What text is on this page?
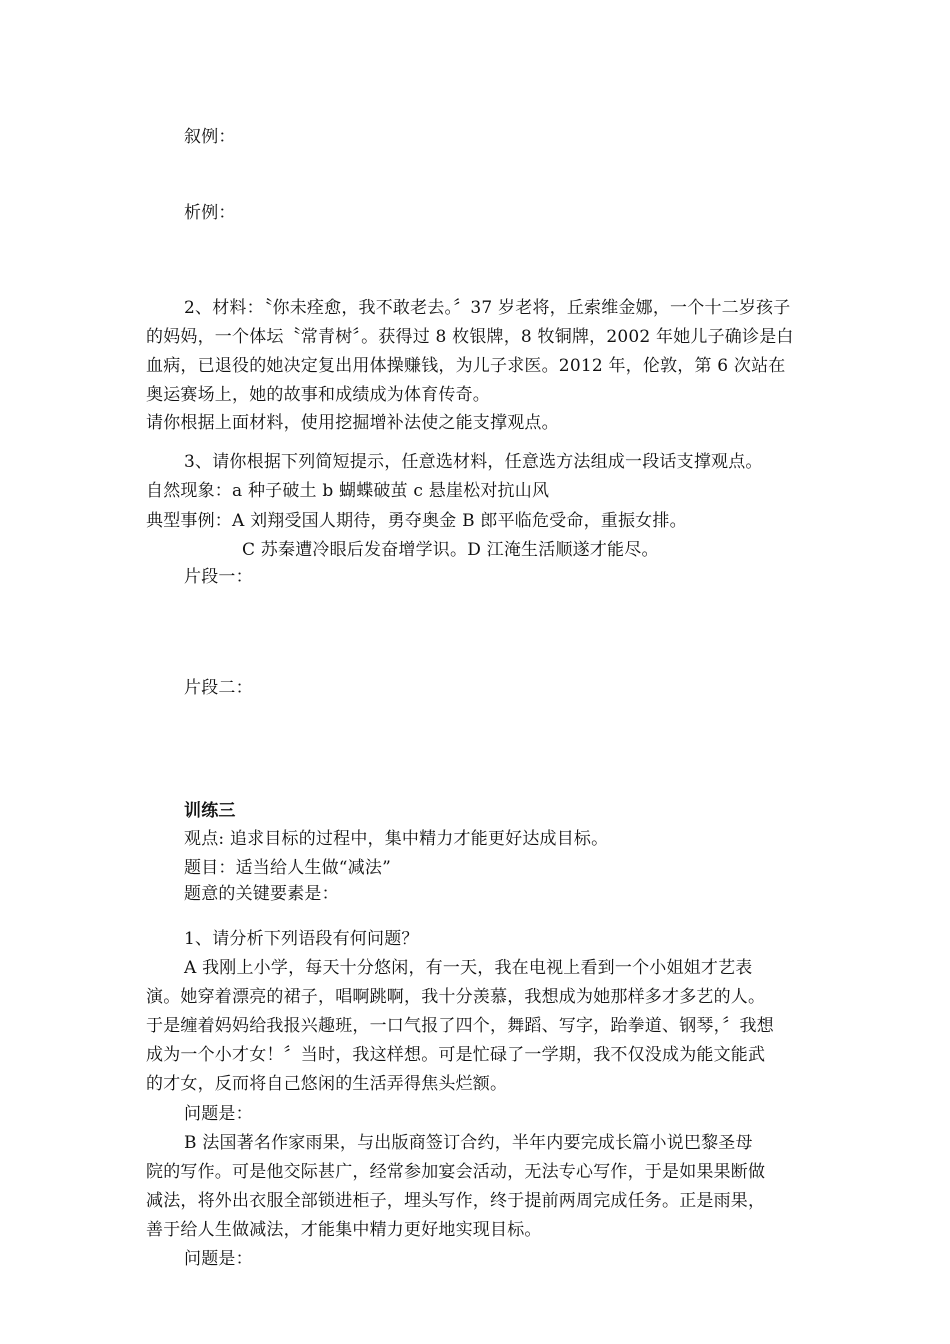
叙例：
析例：
2、材料：〝你未痊愈，我不敢老去。〞37 岁老将，丘索维金娜，一个十二岁孩子
的妈妈，一个体坛〝常青树〞。获得过 8 枚银牌，8 牧铜牌，2002 年她儿子确诊是白
血病，已退役的她决定复出用体操赚钱，为儿子求医。2012 年，伦敦，第 6 次站在
奥运赛场上，她的故事和成绩成为体育传奇。
请你根据上面材料，使用挖掘增补法使之能支撑观点。
3、请你根据下列简短提示，任意选材料，任意选方法组成一段话支撑观点。
自然现象：a 种子破土 b 蝴蝶破茧 c 悬崖松对抗山风
典型事例：A 刘翔受国人期待，勇夺奥金 B 郎平临危受命，重振女排。
C 苏秦遭冷眼后发奋增学识。D 江淹生活顺遂才能尽。
片段一：
片段二：
训练三
观点: 追求目标的过程中，集中精力才能更好达成目标。
题目：适当给人生做“减法”
题意的关键要素是：
1、请分析下列语段有何问题？
A 我刚上小学，每天十分悠闲，有一天，我在电视上看到一个小姐姐才艺表
演。她穿着漂亮的裙子，唱啊跳啊，我十分羡慕，我想成为她那样多才多艺的人。
于是缠着妈妈给我报兴趣班，一口气报了四个，舞蹈、写字，跆拳道、钢琴，〞我想
成为一个小才女！〞当时，我这样想。可是忙碌了一学期，我不仅没成为能文能武
的才女，反而将自己悠闲的生活弄得焦头烂额。
问题是：
B 法国著名作家雨果，与出版商签订合约，半年内要完成长篇小说巴黎圣母
院的写作。可是他交际甚广，经常参加宴会活动，无法专心写作，于是如果果断做
减法，将外出衣服全部锁进柜子，埋头写作，终于提前两周完成任务。正是雨果，
善于给人生做减法，才能集中精力更好地实现目标。
问题是：
